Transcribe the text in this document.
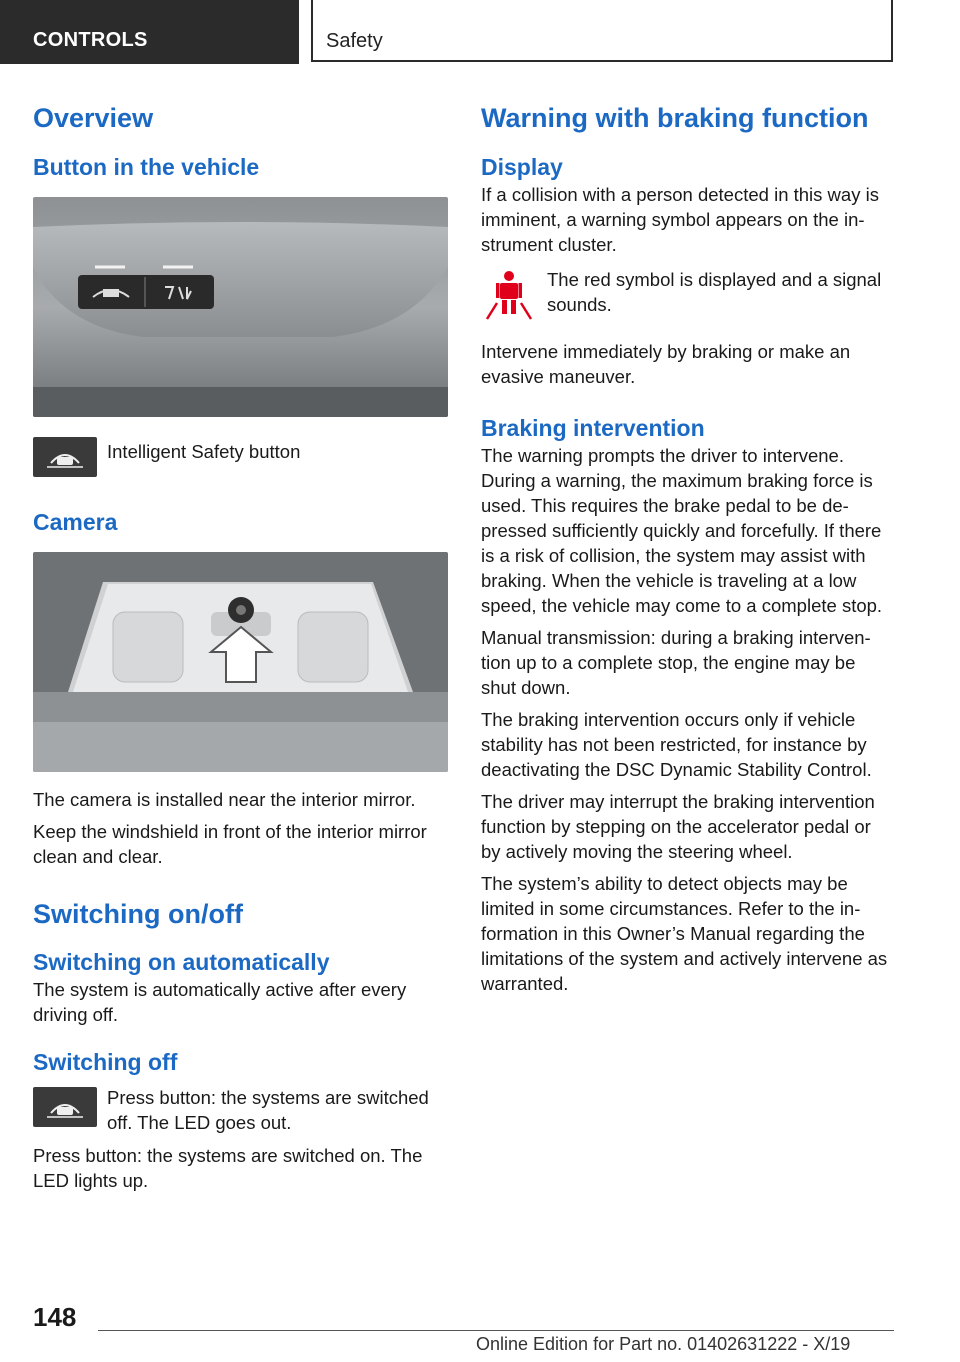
CONTROLS	Safety
Overview
Button in the vehicle

Intelligent Safety button

Camera

The camera is installed near the interior mirror.

Keep the windshield in front of the interior mirror clean and clear.

Switching on/off
Switching on automatically

The system is automatically active after every driving off.

Switching off

Press button: the systems are switched off. The LED goes out.

Press button: the systems are switched on. The LED lights up.

Warning with braking function
Display

If a collision with a person detected in this way is imminent, a warning symbol appears on the in-strument cluster.

The red symbol is displayed and a signal sounds.

Intervene immediately by braking or make an evasive maneuver.

Braking intervention

The warning prompts the driver to intervene. During a warning, the maximum braking force is used. This requires the brake pedal to be de-pressed sufficiently quickly and forcefully. If there is a risk of collision, the system may assist with braking. When the vehicle is traveling at a low speed, the vehicle may come to a complete stop.

Manual transmission: during a braking interven-tion up to a complete stop, the engine may be shut down.

The braking intervention occurs only if vehicle stability has not been restricted, for instance by deactivating the DSC Dynamic Stability Control.

The driver may interrupt the braking intervention function by stepping on the accelerator pedal or by actively moving the steering wheel.

The system’s ability to detect objects may be limited in some circumstances. Refer to the in-formation in this Owner’s Manual regarding the limitations of the system and actively intervene as warranted.

148
Online Edition for Part no. 01402631222 - X/19
